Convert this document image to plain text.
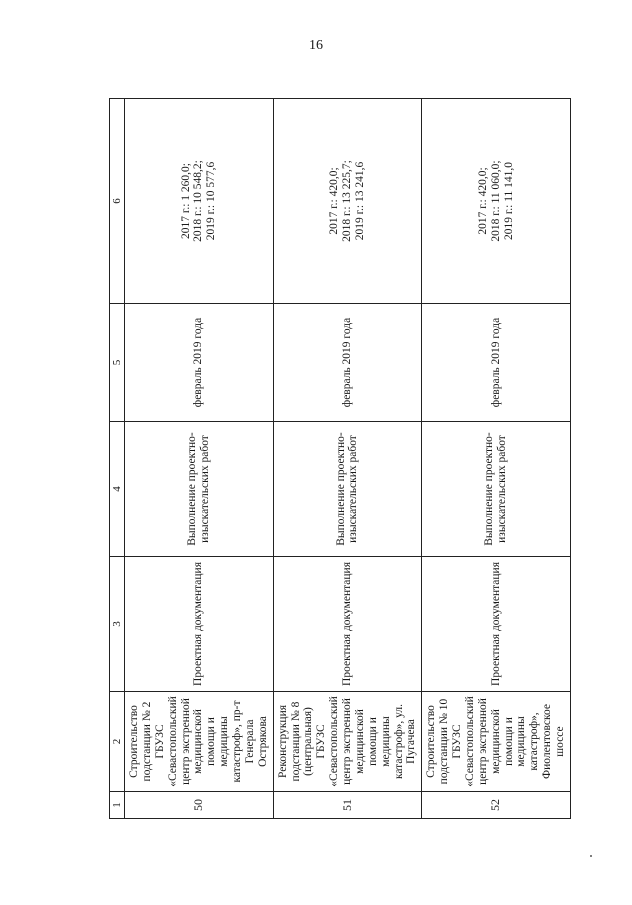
16
1	2	3	4	5	6
50	Строительство подстанции № 2 ГБУЗС «Севастопольский центр экстренной медицинской помощи и медицины катастроф», пр-т Генерала Острякова	Проектная документация	Выполнение проектно-изыскательских работ	февраль 2019 года	2017 г.: 1 260,0; 2018 г.: 10 548,2; 2019 г.: 10 577,6

51	Реконструкция подстанции № 8 (центральная) ГБУЗС «Севастопольский центр экстренной медицинской помощи и медицины катастроф», ул. Пугачева	Проектная документация	Выполнение проектно-изыскательских работ	февраль 2019 года	2017 г.: 420,0; 2018 г.: 13 225,7; 2019 г.: 13 241,6

52	Строительство подстанции № 10 ГБУЗС «Севастопольский центр экстренной медицинской помощи и медицины катастроф», Фиолентовское шоссе	Проектная документация	Выполнение проектно-изыскательских работ	февраль 2019 года	2017 г.: 420,0; 2018 г.: 11 060,0; 2019 г.: 11 141,0
